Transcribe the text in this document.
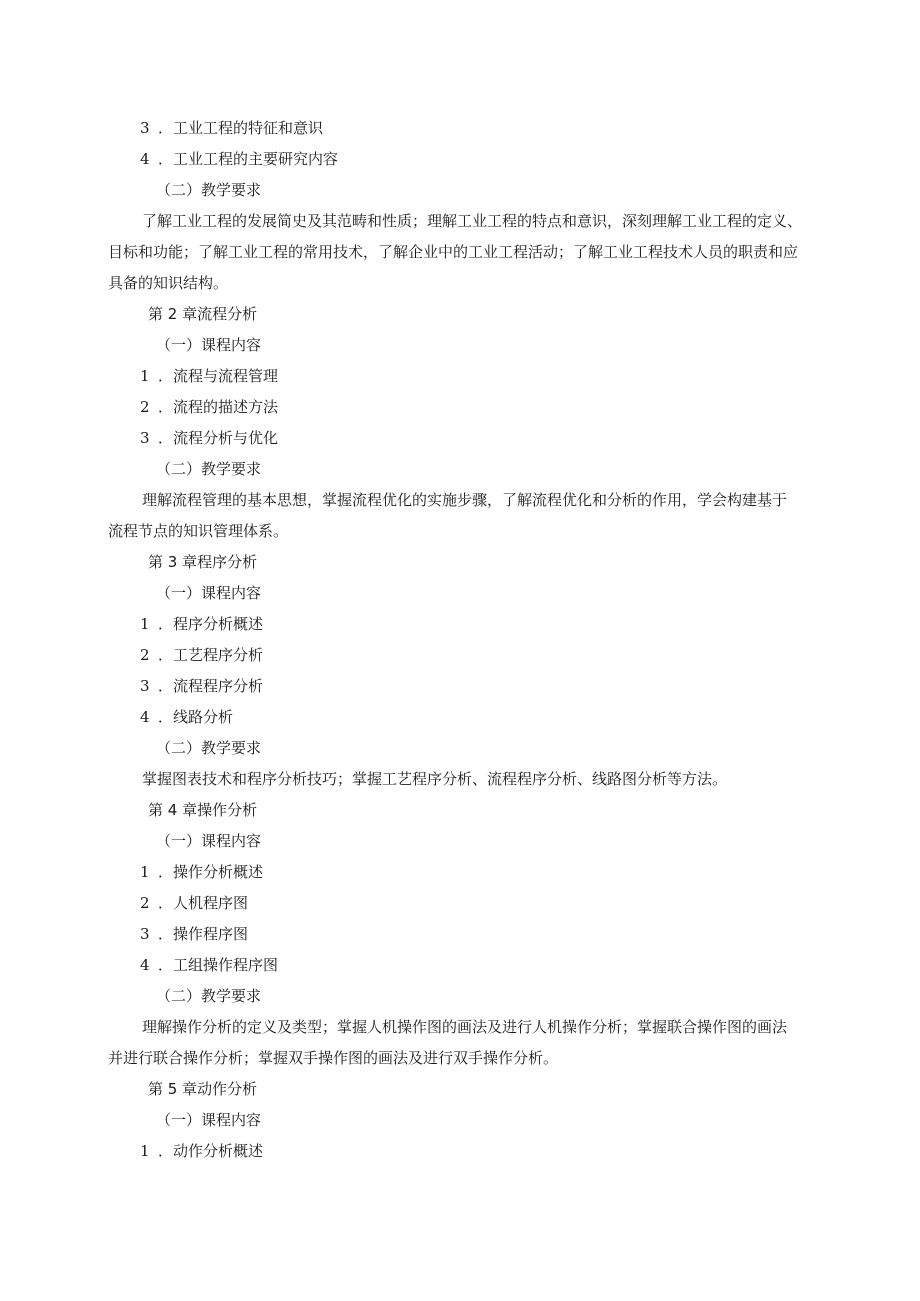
3 ．工业工程的特征和意识
4 ．工业工程的主要研究内容
（二）教学要求
了解工业工程的发展简史及其范畴和性质；理解工业工程的特点和意识，深刻理解工业工程的定义、
目标和功能；了解工业工程的常用技术，了解企业中的工业工程活动；了解工业工程技术人员的职责和应
具备的知识结构。
第 2 章流程分析
（一）课程内容
1 ．流程与流程管理
2 ．流程的描述方法
3 ．流程分析与优化
（二）教学要求
理解流程管理的基本思想，掌握流程优化的实施步骤，了解流程优化和分析的作用，学会构建基于
流程节点的知识管理体系。
第 3 章程序分析
（一）课程内容
1 ．程序分析概述
2 ．工艺程序分析
3 ．流程程序分析
4 ．线路分析
（二）教学要求
掌握图表技术和程序分析技巧；掌握工艺程序分析、流程程序分析、线路图分析等方法。
第 4 章操作分析
（一）课程内容
1 ．操作分析概述
2 ．人机程序图
3 ．操作程序图
4 ．工组操作程序图
（二）教学要求
理解操作分析的定义及类型；掌握人机操作图的画法及进行人机操作分析；掌握联合操作图的画法
并进行联合操作分析；掌握双手操作图的画法及进行双手操作分析。
第 5 章动作分析
（一）课程内容
1 ．动作分析概述
